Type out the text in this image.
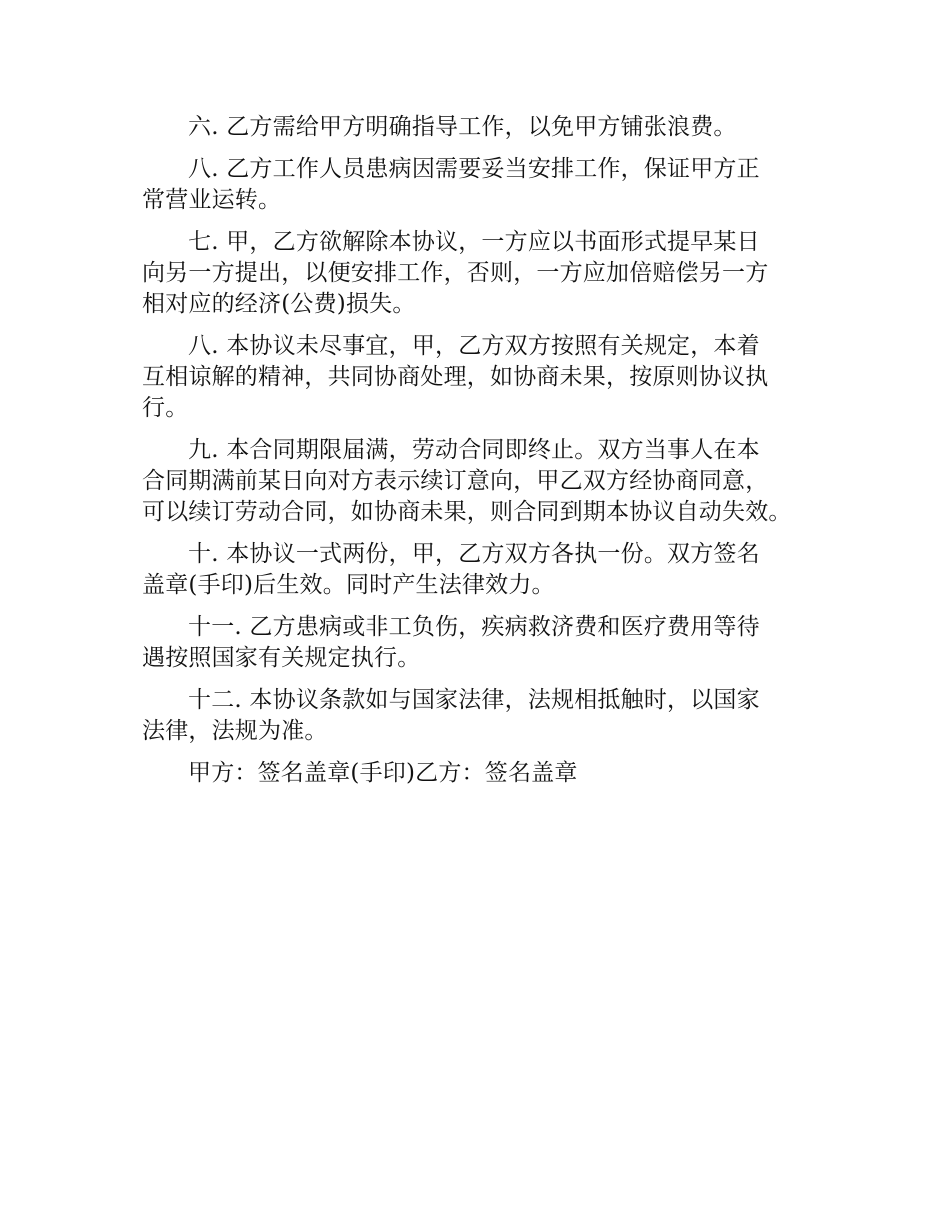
六. 乙方需给甲方明确指导工作，以免甲方铺张浪费。

八. 乙方工作人员患病因需要妥当安排工作，保证甲方正
常营业运转。

七. 甲，乙方欲解除本协议，一方应以书面形式提早某日
向另一方提出，以便安排工作，否则，一方应加倍赔偿另一方
相对应的经济(公费)损失。

八. 本协议未尽事宜，甲，乙方双方按照有关规定，本着
互相谅解的精神，共同协商处理，如协商未果，按原则协议执
行。

九. 本合同期限届满，劳动合同即终止。双方当事人在本
合同期满前某日向对方表示续订意向，甲乙双方经协商同意，
可以续订劳动合同，如协商未果，则合同到期本协议自动失效。

十. 本协议一式两份，甲，乙方双方各执一份。双方签名
盖章(手印)后生效。同时产生法律效力。

十一. 乙方患病或非工负伤，疾病救济费和医疗费用等待
遇按照国家有关规定执行。

十二. 本协议条款如与国家法律，法规相抵触时，以国家
法律，法规为准。

甲方：签名盖章(手印)乙方：签名盖章
